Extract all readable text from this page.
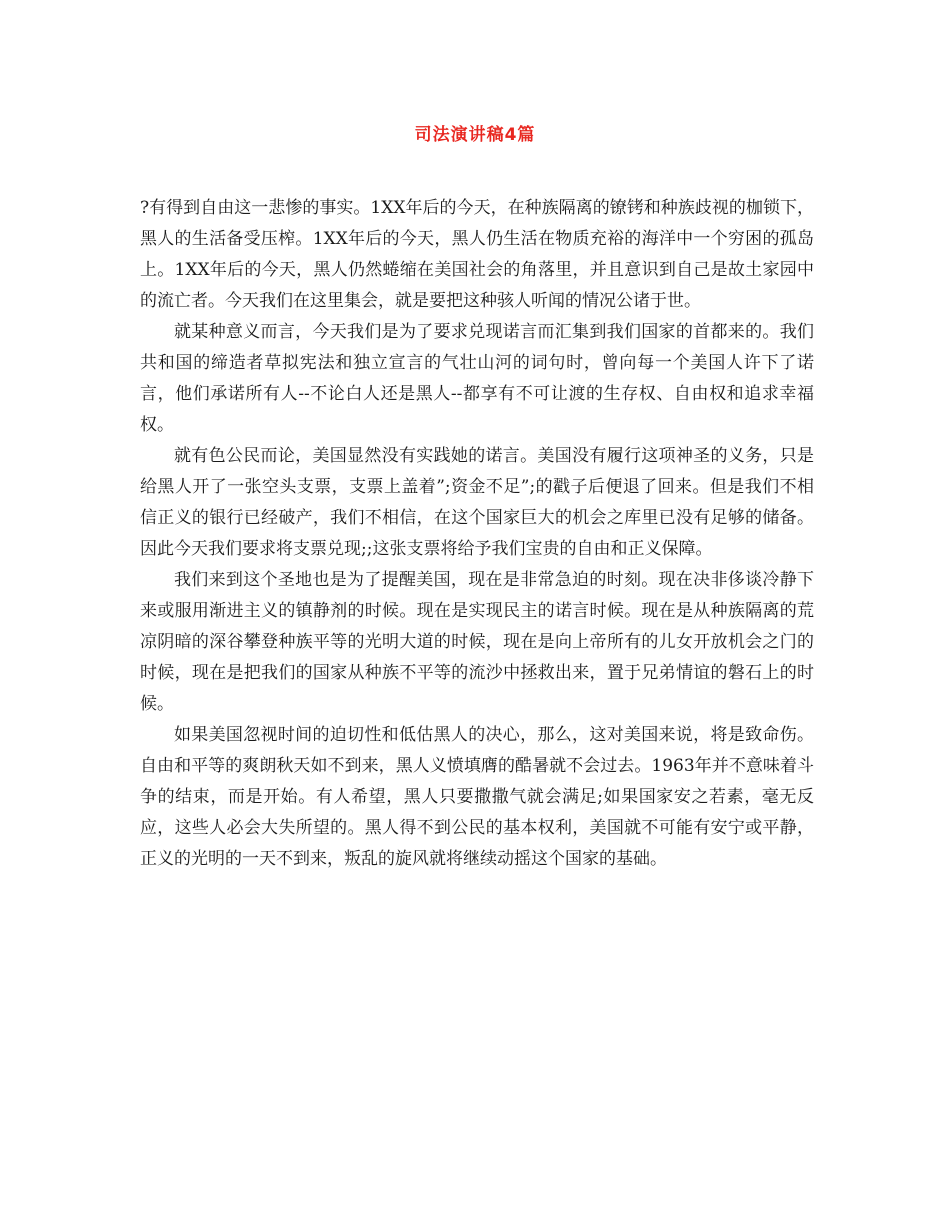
司法演讲稿4篇

?有得到自由这一悲惨的事实。1XX年后的今天，在种族隔离的镣铐和种族歧视的枷锁下，黑人的生活备受压榨。1XX年后的今天，黑人仍生活在物质充裕的海洋中一个穷困的孤岛上。1XX年后的今天，黑人仍然蜷缩在美国社会的角落里，并且意识到自己是故土家园中的流亡者。今天我们在这里集会，就是要把这种骇人听闻的情况公诸于世。

就某种意义而言，今天我们是为了要求兑现诺言而汇集到我们国家的首都来的。我们共和国的缔造者草拟宪法和独立宣言的气壮山河的词句时，曾向每一个美国人许下了诺言，他们承诺所有人--不论白人还是黑人--都享有不可让渡的生存权、自由权和追求幸福权。

就有色公民而论，美国显然没有实践她的诺言。美国没有履行这项神圣的义务，只是给黑人开了一张空头支票，支票上盖着”;资金不足”;的戳子后便退了回来。但是我们不相信正义的银行已经破产，我们不相信，在这个国家巨大的机会之库里已没有足够的储备。因此今天我们要求将支票兑现;;这张支票将给予我们宝贵的自由和正义保障。

我们来到这个圣地也是为了提醒美国，现在是非常急迫的时刻。现在决非侈谈冷静下来或服用渐进主义的镇静剂的时候。现在是实现民主的诺言时候。现在是从种族隔离的荒凉阴暗的深谷攀登种族平等的光明大道的时候，现在是向上帝所有的儿女开放机会之门的时候，现在是把我们的国家从种族不平等的流沙中拯救出来，置于兄弟情谊的磐石上的时候。

如果美国忽视时间的迫切性和低估黑人的决心，那么，这对美国来说，将是致命伤。自由和平等的爽朗秋天如不到来，黑人义愤填膺的酷暑就不会过去。1963年并不意味着斗争的结束，而是开始。有人希望，黑人只要撒撒气就会满足;如果国家安之若素，毫无反应，这些人必会大失所望的。黑人得不到公民的基本权利，美国就不可能有安宁或平静，正义的光明的一天不到来，叛乱的旋风就将继续动摇这个国家的基础。
